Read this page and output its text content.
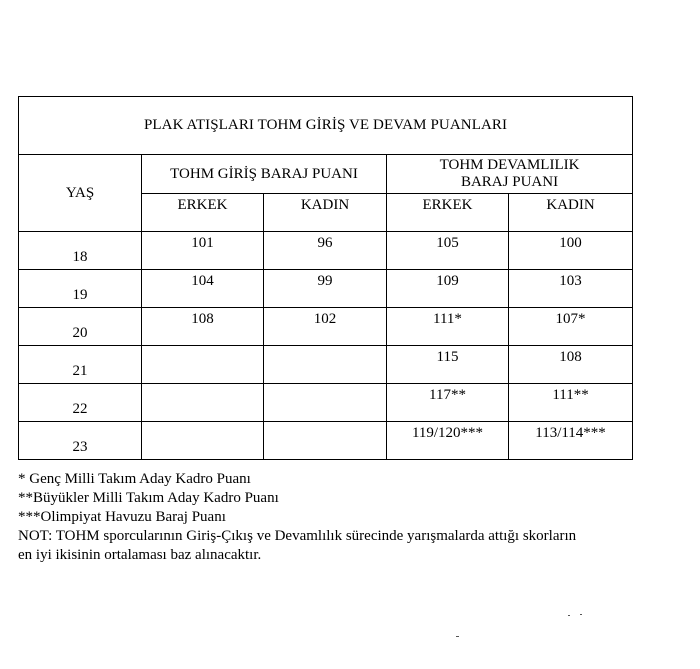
PLAK ATIŞLARI TOHM GİRİŞ VE DEVAM PUANLARI				
YAŞ	TOHM GİRİŞ BARAJ PUANI		TOHM DEVAMLILIK BARAJ PUANI	
	ERKEK	KADIN	ERKEK	KADIN
18	101	96	105	100
19	104	99	109	103
20	108	102	111*	107*
21			115	108
22			117**	111**
23			119/120***	113/114***
* Genç Milli Takım Aday Kadro Puanı
**Büyükler Milli Takım Aday Kadro Puanı
***Olimpiyat Havuzu Baraj Puanı
NOT: TOHM sporcularının Giriş-Çıkış ve Devamlılık sürecinde yarışmalarda attığı skorların
en iyi ikisinin ortalaması baz alınacaktır.
